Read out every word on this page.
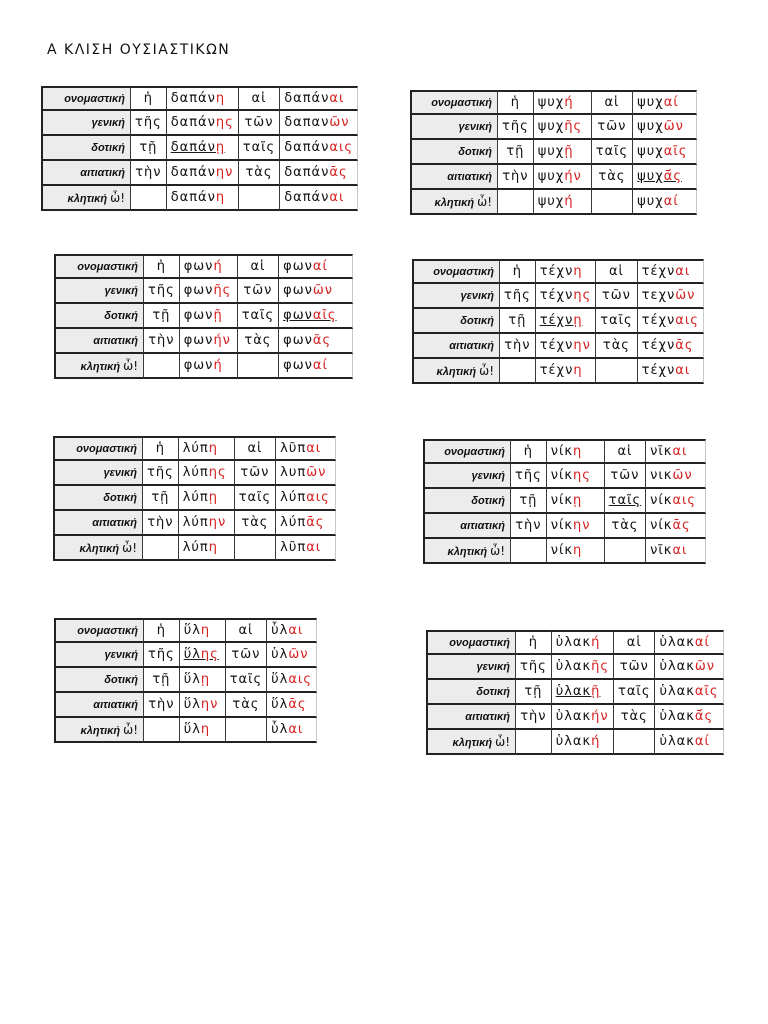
Α ΚΛΙΣΗ ΟΥΣΙΑΣΤΙΚΩΝ
ονομαστική	ἡ	δαπάνη	αἱ	δαπάναι
γενική	τῆς	δαπάνης	τῶν	δαπανῶν
δοτική	τῇ	δαπάνῃ	ταῖς	δαπάναις
αιτιατική	τὴν	δαπάνην	τὰς	δαπάνᾱς
κλητική ὦ!		δαπάνη		δαπάναι
ονομαστική	ἡ	ψυχή	αἱ	ψυχαί
γενική	τῆς	ψυχῆς	τῶν	ψυχῶν
δοτική	τῇ	ψυχῇ	ταῖς	ψυχαῖς
αιτιατική	τὴν	ψυχήν	τὰς	ψυχᾱ́ς
κλητική ὦ!		ψυχή		ψυχαί
ονομαστική	ἡ	φωνή	αἱ	φωναί
γενική	τῆς	φωνῆς	τῶν	φωνῶν
δοτική	τῇ	φωνῇ	ταῖς	φωναῖς
αιτιατική	τὴν	φωνήν	τὰς	φωνᾶς
κλητική ὦ!		φωνή		φωναί
ονομαστική	ἡ	τέχνη	αἱ	τέχναι
γενική	τῆς	τέχνης	τῶν	τεχνῶν
δοτική	τῇ	τέχνῃ	ταῖς	τέχναις
αιτιατική	τὴν	τέχνην	τὰς	τέχνᾱς
κλητική ὦ!		τέχνη		τέχναι
ονομαστική	ἡ	λύπη	αἱ	λῦπαι
γενική	τῆς	λύπης	τῶν	λυπῶν
δοτική	τῇ	λύπῃ	ταῖς	λύπαις
αιτιατική	τὴν	λύπην	τὰς	λύπᾱς
κλητική ὦ!		λύπη		λῦπαι
ονομαστική	ἡ	νίκη	αἱ	νῖκαι
γενική	τῆς	νίκης	τῶν	νικῶν
δοτική	τῇ	νίκῃ	ταῖς	νίκαις
αιτιατική	τὴν	νίκην	τὰς	νίκᾱς
κλητική ὦ!		νίκη		νῖκαι
ονομαστική	ἡ	ὕλη	αἱ	ὗλαι
γενική	τῆς	ὕλης	τῶν	ὑλῶν
δοτική	τῇ	ὕλῃ	ταῖς	ὕλαις
αιτιατική	τὴν	ὕλην	τὰς	ὕλᾱς
κλητική ὦ!		ὕλη		ὗλαι
ονομαστική	ἡ	ὑλακή	αἱ	ὑλακαί
γενική	τῆς	ὑλακῆς	τῶν	ὑλακῶν
δοτική	τῇ	ὑλακῇ	ταῖς	ὑλακαῖς
αιτιατική	τὴν	ὑλακήν	τὰς	ὑλακᾱ́ς
κλητική ὦ!		ὑλακή		ὑλακαί
